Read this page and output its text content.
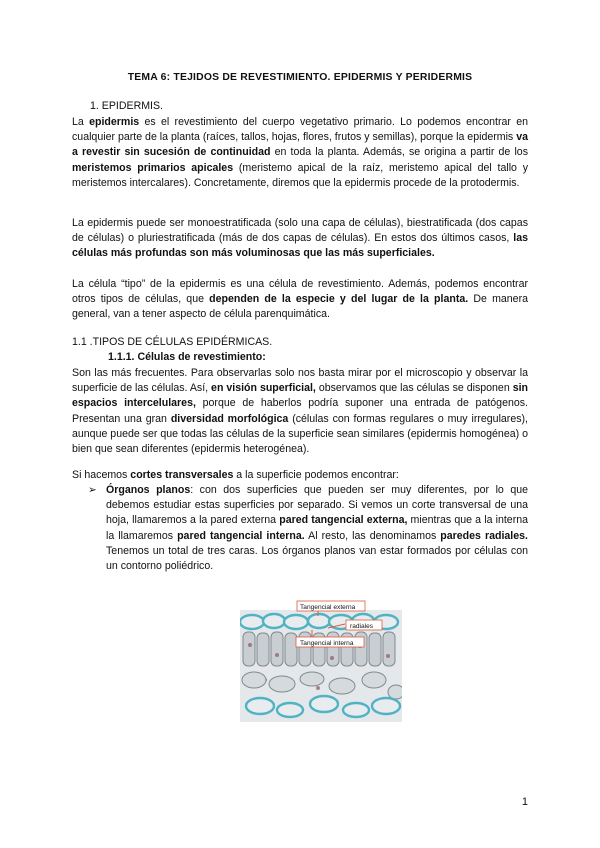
TEMA 6: TEJIDOS DE REVESTIMIENTO. EPIDERMIS Y PERIDERMIS
1. EPIDERMIS.

La epidermis es el revestimiento del cuerpo vegetativo primario. Lo podemos encontrar en cualquier parte de la planta (raíces, tallos, hojas, flores, frutos y semillas), porque la epidermis va a revestir sin sucesión de continuidad en toda la planta. Además, se origina a partir de los meristemos primarios apicales (meristemo apical de la raíz, meristemo apical del tallo y meristemos intercalares). Concretamente, diremos que la epidermis procede de la protodermis.

La epidermis puede ser monoestratificada (solo una capa de células), biestratificada (dos capas de células) o pluriestratificada (más de dos capas de células). En estos dos últimos casos, las células más profundas son más voluminosas que las más superficiales.

La célula “tipo” de la epidermis es una célula de revestimiento. Además, podemos encontrar otros tipos de células, que dependen de la especie y del lugar de la planta. De manera general, van a tener aspecto de célula parenquimática.

1.1 .TIPOS DE CÉLULAS EPIDÉRMICAS.
1.1.1. Células de revestimiento:

Son las más frecuentes. Para observarlas solo nos basta mirar por el microscopio y observar la superficie de las células. Así, en visión superficial, observamos que las células se disponen sin espacios intercelulares, porque de haberlos podría suponer una entrada de patógenos. Presentan una gran diversidad morfológica (células con formas regulares o muy irregulares), aunque puede ser que todas las células de la superficie sean similares (epidermis homogénea) o bien que sean diferentes (epidermis heterogénea).

Si hacemos cortes transversales a la superficie podemos encontrar:

➢ Órganos planos: con dos superficies que pueden ser muy diferentes, por lo que debemos estudiar estas superficies por separado. Si vemos un corte transversal de una hoja, llamaremos a la pared externa pared tangencial externa, mientras que a la interna la llamaremos pared tangencial interna. Al resto, las denominamos paredes radiales. Tenemos un total de tres caras. Los órganos planos van estar formados por células con un contorno poliédrico.
Tangencial externa
radiales
Tangencial interna
1
